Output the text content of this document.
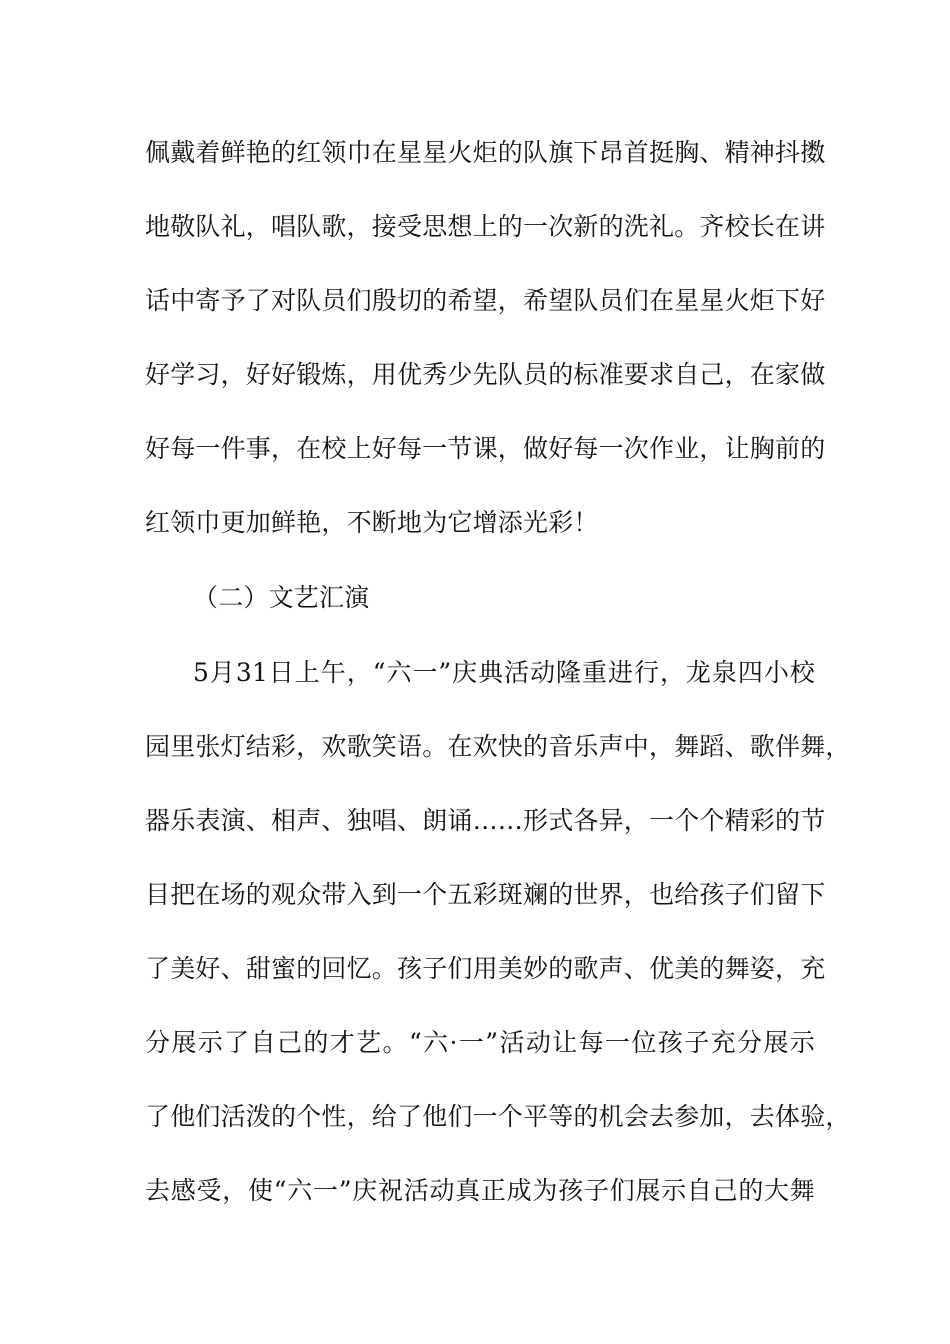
佩戴着鲜艳的红领巾在星星火炬的队旗下昂首挺胸、精神抖擞
地敬队礼，唱队歌，接受思想上的一次新的洗礼。齐校长在讲
话中寄予了对队员们殷切的希望，希望队员们在星星火炬下好
好学习，好好锻炼，用优秀少先队员的标准要求自己，在家做
好每一件事，在校上好每一节课，做好每一次作业，让胸前的
红领巾更加鲜艳，不断地为它增添光彩！
（二）文艺汇演
5月31日上午，“六一”庆典活动隆重进行，龙泉四小校
园里张灯结彩，欢歌笑语。在欢快的音乐声中，舞蹈、歌伴舞，
器乐表演、相声、独唱、朗诵……形式各异，一个个精彩的节
目把在场的观众带入到一个五彩斑斓的世界，也给孩子们留下
了美好、甜蜜的回忆。孩子们用美妙的歌声、优美的舞姿，充
分展示了自己的才艺。“六·一”活动让每一位孩子充分展示
了他们活泼的个性，给了他们一个平等的机会去参加，去体验，
去感受，使“六一”庆祝活动真正成为孩子们展示自己的大舞
